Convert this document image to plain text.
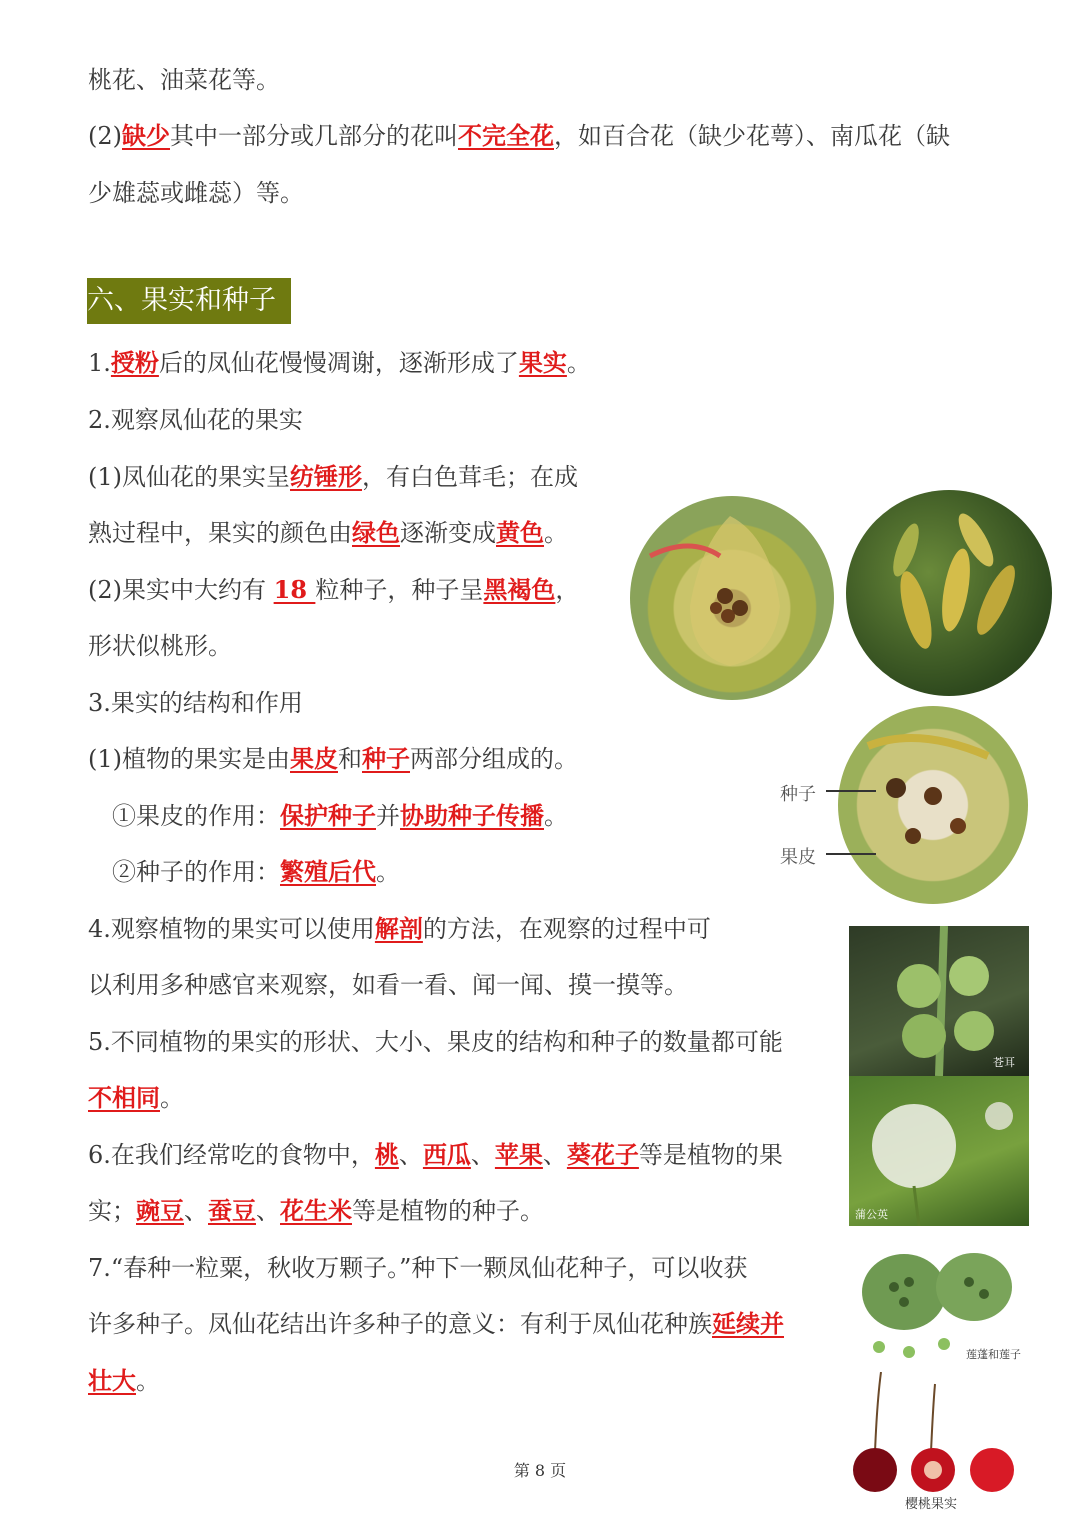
桃花、油菜花等。
(2)缺少其中一部分或几部分的花叫不完全花，如百合花（缺少花萼）、南瓜花（缺
少雄蕊或雌蕊）等。
六、果实和种子
1.授粉后的凤仙花慢慢凋谢，逐渐形成了果实。
2.观察凤仙花的果实
(1)凤仙花的果实呈纺锤形，有白色茸毛；在成
熟过程中，果实的颜色由绿色逐渐变成黄色。
(2)果实中大约有 18 粒种子，种子呈黑褐色，
形状似桃形。
3.果实的结构和作用
(1)植物的果实是由果皮和种子两部分组成的。
①果皮的作用：保护种子并协助种子传播。
②种子的作用：繁殖后代。
4.观察植物的果实可以使用解剖的方法，在观察的过程中可
以利用多种感官来观察，如看一看、闻一闻、摸一摸等。
5.不同植物的果实的形状、大小、果皮的结构和种子的数量都可能
不相同。
6.在我们经常吃的食物中，桃、西瓜、苹果、葵花子等是植物的果
实；豌豆、蚕豆、花生米等是植物的种子。
7.“春种一粒粟，秋收万颗子。”种下一颗凤仙花种子，可以收获
许多种子。凤仙花结出许多种子的意义：有利于凤仙花种族延续并
壮大。
种子
果皮
苍耳
蒲公英
莲蓬和莲子
樱桃果实
第 8 页
